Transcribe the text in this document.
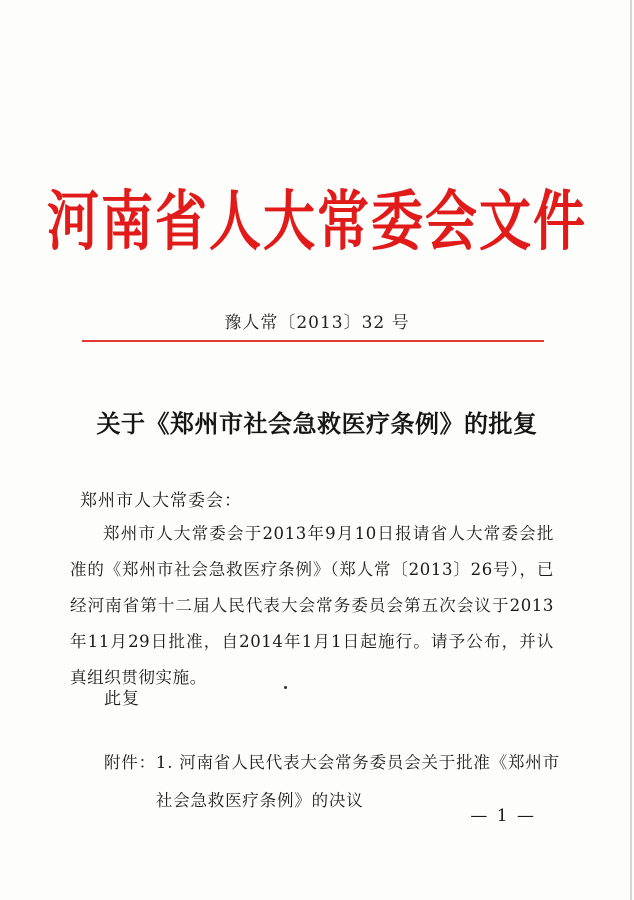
河南省人大常委会文件
豫人常〔2013〕32 号
关于《郑州市社会急救医疗条例》的批复
郑州市人大常委会：

郑州市人大常委会于2013年9月10日报请省人大常委会批准的《郑州市社会急救医疗条例》（郑人常〔2013〕26号），已经河南省第十二届人民代表大会常务委员会第五次会议于2013年11月29日批准，自2014年1月1日起施行。请予公布，并认真组织贯彻实施。

此复
附件： 1. 河南省人民代表大会常务委员会关于批准《郑州市社会急救医疗条例》的决议
— 1 —
